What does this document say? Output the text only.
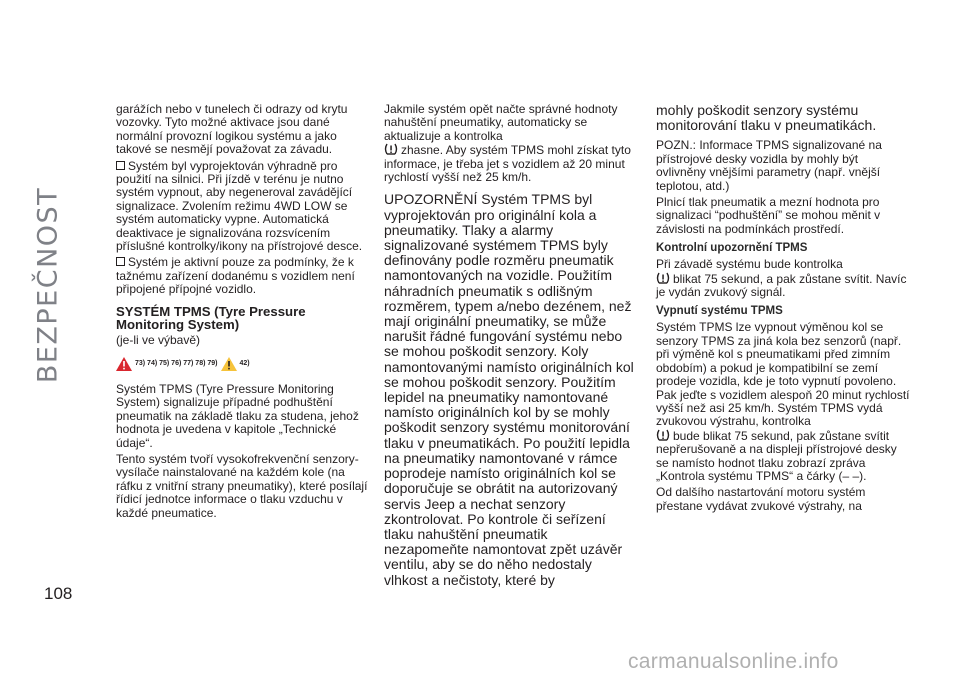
BEZPEČNOST

garážích nebo v tunelech či odrazy od krytu vozovky. Tyto možné aktivace jsou dané normální provozní logikou systému a jako takové se nesmějí považovat za závadu.

Systém byl vyprojektován výhradně pro použití na silnici. Při jízdě v terénu je nutno systém vypnout, aby negeneroval zavádějící signalizace. Zvolením režimu 4WD LOW se systém automaticky vypne. Automatická deaktivace je signalizována rozsvícením příslušné kontrolky/ikony na přístrojové desce.

Systém je aktivní pouze za podmínky, že k tažnému zařízení dodanému s vozidlem není připojené přípojné vozidlo.

SYSTÉM TPMS (Tyre Pressure Monitoring System)

(je-li ve výbavě)

73) 74) 75) 76) 77) 78) 79)	42)

Systém TPMS (Tyre Pressure Monitoring System) signalizuje případné podhuštění pneumatik na základě tlaku za studena, jehož hodnota je uvedena v kapitole „Technické údaje“.

Tento systém tvoří vysokofrekvenční senzory-vysílače nainstalované na každém kole (na ráfku z vnitřní strany pneumatiky), které posílají řídicí jednotce informace o tlaku vzduchu v každé pneumatice.

Jakmile systém opět načte správné hodnoty nahuštění pneumatiky, automaticky se aktualizuje a kontrolka
zhasne. Aby systém TPMS mohl získat tyto informace, je třeba jet s vozidlem až 20 minut rychlostí vyšší než 25 km/h.

UPOZORNĚNÍ Systém TPMS byl vyprojektován pro originální kola a pneumatiky. Tlaky a alarmy signalizované systémem TPMS byly definovány podle rozměru pneumatik namontovaných na vozidle. Použitím náhradních pneumatik s odlišným rozměrem, typem a/nebo dezénem, než mají originální pneumatiky, se může narušit řádné fungování systému nebo se mohou poškodit senzory. Koly namontovanými namísto originálních kol se mohou poškodit senzory. Použitím lepidel na pneumatiky namontované namísto originálních kol by se mohly poškodit senzory systému monitorování tlaku v pneumatikách. Po použití lepidla na pneumatiky namontované v rámce poprodeje namísto originálních kol se doporučuje se obrátit na autorizovaný servis Jeep a nechat senzory zkontrolovat. Po kontrole či seřízení tlaku nahuštění pneumatik nezapomeňte namontovat zpět uzávěr ventilu, aby se do něho nedostaly vlhkost a nečistoty, které by

mohly poškodit senzory systému monitorování tlaku v pneumatikách.

POZN.: Informace TPMS signalizované na přístrojové desky vozidla by mohly být ovlivněny vnějšími parametry (např. vnější teplotou, atd.)

Plnicí tlak pneumatik a mezní hodnota pro signalizaci “podhuštění” se mohou měnit v závislosti na podmínkách prostředí.

Kontrolní upozornění TPMS

Při závadě systému bude kontrolka
blikat 75 sekund, a pak zůstane svítit. Navíc je vydán zvukový signál.

Vypnutí systému TPMS

Systém TPMS lze vypnout výměnou kol se senzory TPMS za jiná kola bez senzorů (např. při výměně kol s pneumatikami před zimním obdobím) a pokud je kompatibilní se zemí prodeje vozidla, kde je toto vypnutí povoleno. Pak jeďte s vozidlem alespoň 20 minut rychlostí vyšší než asi 25 km/h. Systém TPMS vydá zvukovou výstrahu, kontrolka
bude blikat 75 sekund, pak zůstane svítit nepřerušovaně a na displeji přístrojové desky se namísto hodnot tlaku zobrazí zpráva „Kontrola systému TPMS“ a čárky (– –).

Od dalšího nastartování motoru systém přestane vydávat zvukové výstrahy, na

108
carmanualsonline.info
